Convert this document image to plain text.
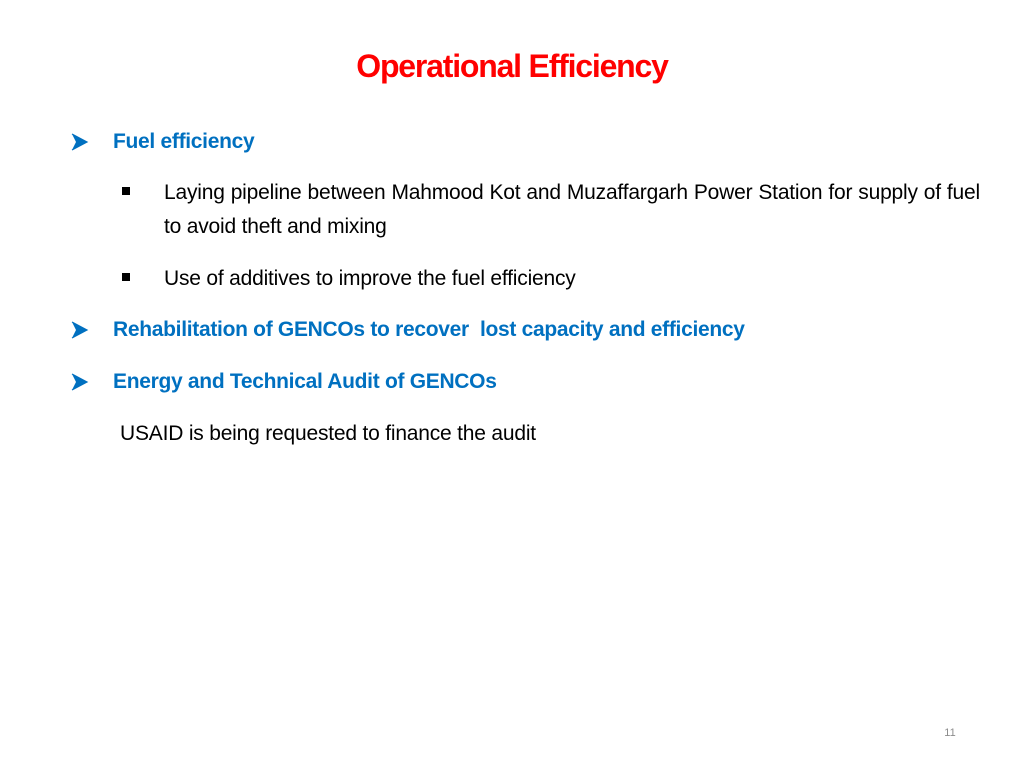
Operational Efficiency
Fuel efficiency
Laying pipeline between Mahmood Kot and Muzaffargarh Power Station for supply of fuel to avoid theft and mixing
Use of additives to improve the fuel efficiency
Rehabilitation of GENCOs to recover  lost capacity and efficiency
Energy and Technical Audit of GENCOs
USAID is being requested to finance the audit
11
